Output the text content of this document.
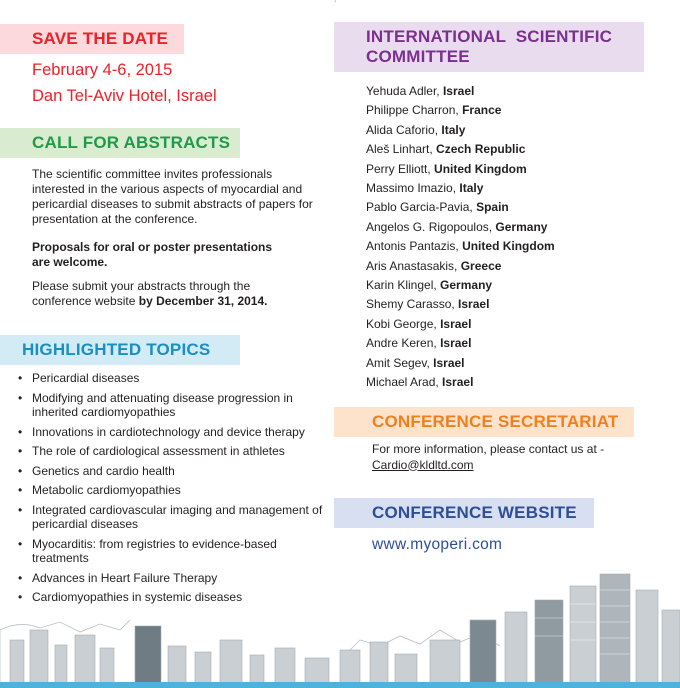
ˈ
SAVE THE DATE
February 4-6, 2015
Dan Tel-Aviv Hotel, Israel
CALL FOR ABSTRACTS

The scientific committee invites professionals interested in the various aspects of myocardial and pericardial diseases to submit abstracts of papers for presentation at the conference.

Proposals for oral or poster presentations are welcome.

Please submit your abstracts through the conference website by December 31, 2014.

HIGHLIGHTED TOPICS
• Pericardial diseases
• Modifying and attenuating disease progression in inherited cardiomyopathies
• Innovations in cardiotechnology and device therapy
• The role of cardiological assessment in athletes
• Genetics and cardio health
• Metabolic cardiomyopathies
• Integrated cardiovascular imaging and management of pericardial diseases
• Myocarditis: from registries to evidence-based treatments
• Advances in Heart Failure Therapy
• Cardiomyopathies in systemic diseases
INTERNATIONAL  SCIENTIFIC
COMMITTEE
Yehuda Adler, Israel
Philippe Charron, France
Alida Caforio, Italy
Aleš Linhart, Czech Republic
Perry Elliott, United Kingdom
Massimo Imazio, Italy
Pablo Garcia-Pavia, Spain
Angelos G. Rigopoulos, Germany
Antonis Pantazis, United Kingdom
Aris Anastasakis, Greece
Karin Klingel, Germany
Shemy Carasso, Israel
Kobi George, Israel
Andre Keren, Israel
Amit Segev, Israel
Michael Arad, Israel
CONFERENCE SECRETARIAT
For more information, please contact us at -
Cardio@kldltd.com
CONFERENCE WEBSITE
www.myoperi.com
